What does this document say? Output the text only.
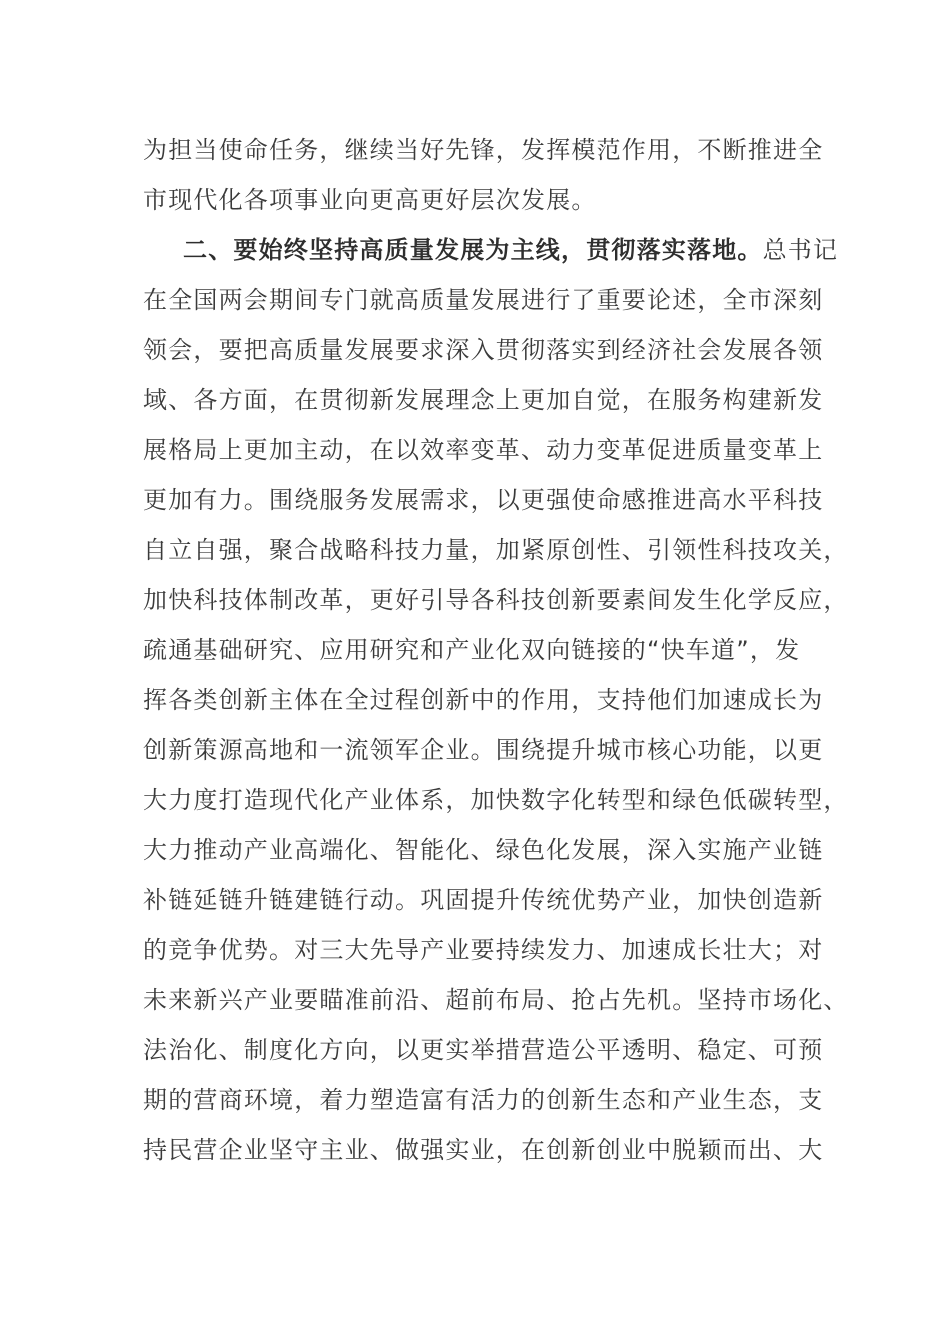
为担当使命任务，继续当好先锋，发挥模范作用，不断推进全
市现代化各项事业向更高更好层次发展。
二、要始终坚持高质量发展为主线，贯彻落实落地。总书记
在全国两会期间专门就高质量发展进行了重要论述，全市深刻
领会，要把高质量发展要求深入贯彻落实到经济社会发展各领
域、各方面，在贯彻新发展理念上更加自觉，在服务构建新发
展格局上更加主动，在以效率变革、动力变革促进质量变革上
更加有力。围绕服务发展需求，以更强使命感推进高水平科技
自立自强，聚合战略科技力量，加紧原创性、引领性科技攻关，
加快科技体制改革，更好引导各科技创新要素间发生化学反应，
疏通基础研究、应用研究和产业化双向链接的“快车道”，发
挥各类创新主体在全过程创新中的作用，支持他们加速成长为
创新策源高地和一流领军企业。围绕提升城市核心功能，以更
大力度打造现代化产业体系，加快数字化转型和绿色低碳转型，
大力推动产业高端化、智能化、绿色化发展，深入实施产业链
补链延链升链建链行动。巩固提升传统优势产业，加快创造新
的竞争优势。对三大先导产业要持续发力、加速成长壮大；对
未来新兴产业要瞄准前沿、超前布局、抢占先机。坚持市场化、
法治化、制度化方向，以更实举措营造公平透明、稳定、可预
期的营商环境，着力塑造富有活力的创新生态和产业生态，支
持民营企业坚守主业、做强实业，在创新创业中脱颖而出、大
